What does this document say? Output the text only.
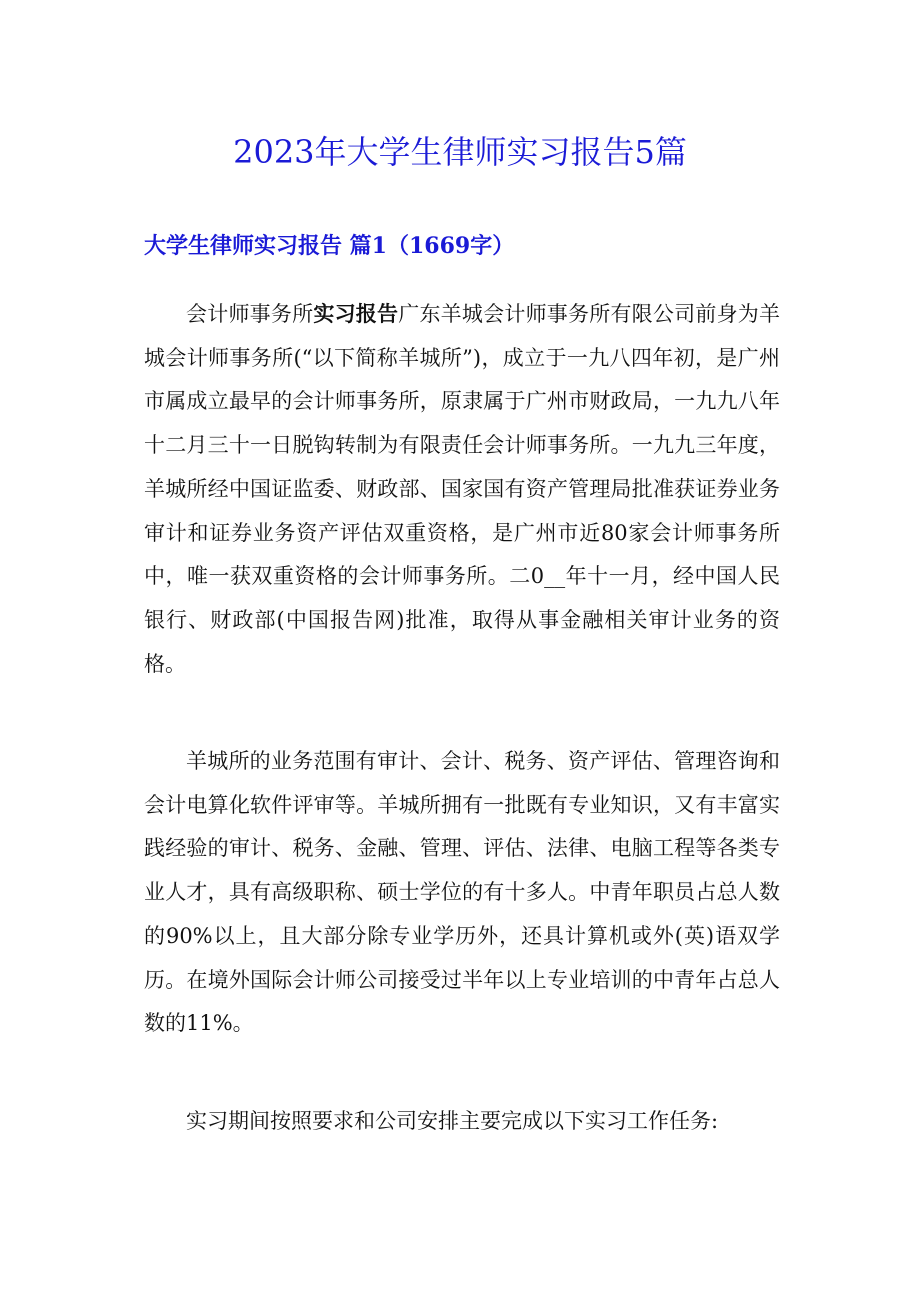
2023年大学生律师实习报告5篇
大学生律师实习报告 篇1（1669字）

会计师事务所实习报告广东羊城会计师事务所有限公司前身为羊城会计师事务所(“以下简称羊城所”)，成立于一九八四年初，是广州市属成立最早的会计师事务所，原隶属于广州市财政局，一九九八年十二月三十一日脱钩转制为有限责任会计师事务所。一九九三年度，羊城所经中国证监委、财政部、国家国有资产管理局批准获证券业务审计和证券业务资产评估双重资格，是广州市近80家会计师事务所中，唯一获双重资格的会计师事务所。二0__年十一月，经中国人民银行、财政部(中国报告网)批准，取得从事金融相关审计业务的资格。

羊城所的业务范围有审计、会计、税务、资产评估、管理咨询和会计电算化软件评审等。羊城所拥有一批既有专业知识，又有丰富实践经验的审计、税务、金融、管理、评估、法律、电脑工程等各类专业人才，具有高级职称、硕士学位的有十多人。中青年职员占总人数的90%以上，且大部分除专业学历外，还具计算机或外(英)语双学历。在境外国际会计师公司接受过半年以上专业培训的中青年占总人数的11%。

实习期间按照要求和公司安排主要完成以下实习工作任务:
